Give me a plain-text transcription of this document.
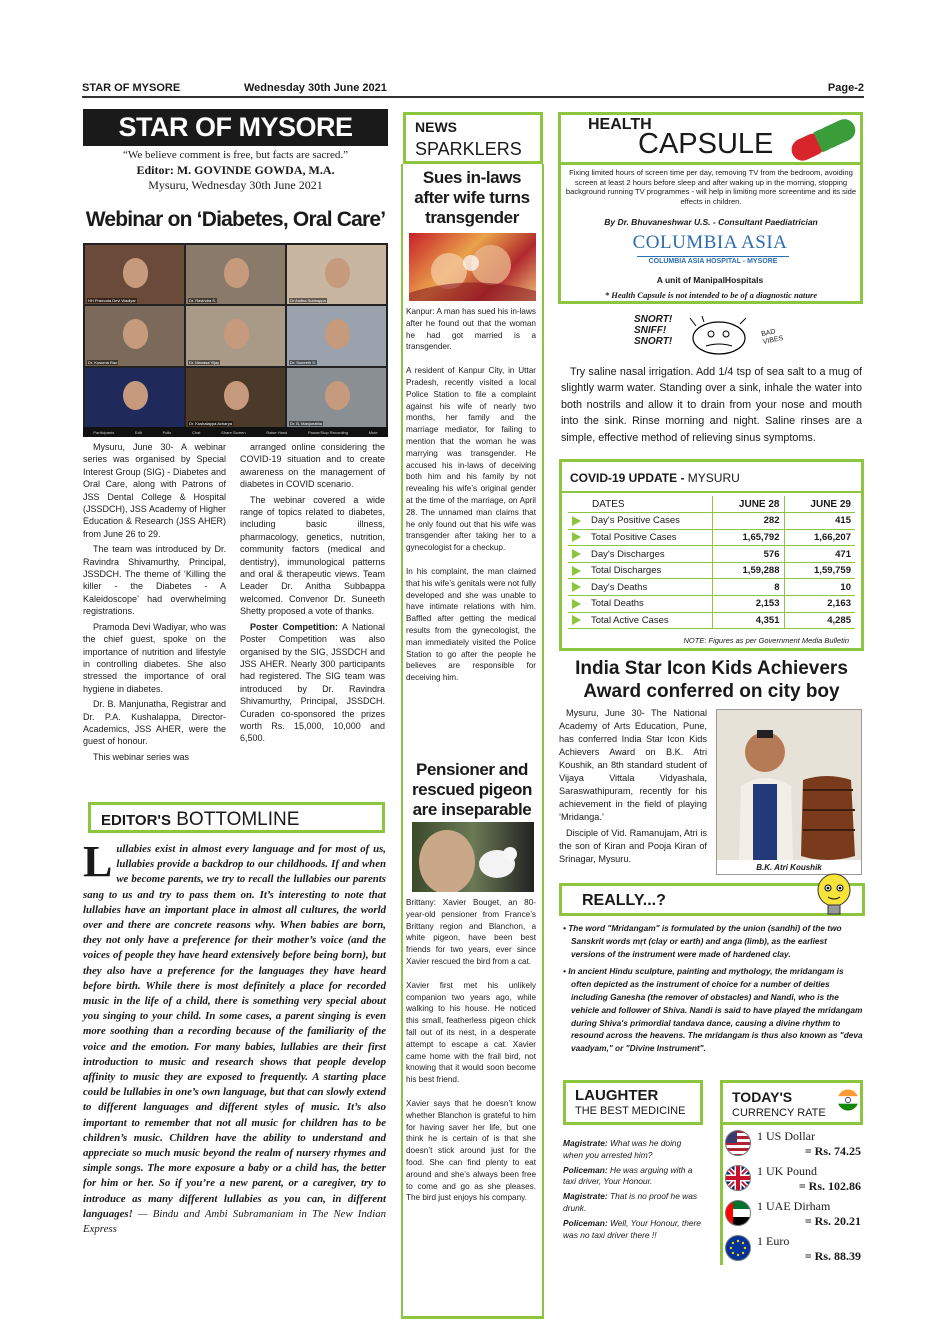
STAR OF MYSORE	Wednesday 30th June 2021	Page-2
STAR OF MYSORE
“We believe comment is free, but facts are sacred.”
Editor: M. GOVINDE GOWDA, M.A.
Mysuru, Wednesday 30th June 2021
Webinar on ‘Diabetes, Oral Care’
HH Pramoda Devi Wadiyar	Dr. Ravindra S.	Dr Anitha Subbappa
Dr. Kusuma Rao	Dr. Manasa Vijay	Dr. Suneeth S.
Dr. Kushalappa Acharya	Dr. B. Manjunatha
Participants	Edit	Polls	Chat	Share Screen	Raise Hand	Pause/Stop Recording	Mute

Mysuru, June 30- A webinar series was organised by Special Interest Group (SIG) - Diabetes and Oral Care, along with Patrons of JSS Dental College & Hospital (JSSDCH), JSS Academy of Higher Education & Research (JSS AHER) from June 26 to 29.

The team was introduced by Dr. Ravindra Shivamurthy, Principal, JSSDCH. The theme of ‘Killing the killer - the Diabetes - A Kaleidoscope’ had overwhelming registrations.

Pramoda Devi Wadiyar, who was the chief guest, spoke on the importance of nutrition and lifestyle in controlling diabetes. She also stressed the importance of oral hygiene in diabetes.

Dr. B. Manjunatha, Registrar and Dr. P.A. Kushalappa, Director-Academics, JSS AHER, were the guest of honour.

This webinar series was

arranged online considering the COVID-19 situation and to create awareness on the management of diabetes in COVID scenario.

The webinar covered a wide range of topics related to diabetes, including basic illness, pharmacology, genetics, nutrition, community factors (medical and dentistry), immunological patterns and oral & therapeutic views. Team Leader Dr. Anitha Subbappa welcomed. Convenor Dr. Suneeth Shetty proposed a vote of thanks.

Poster Competition: A National Poster Competition was also organised by the SIG, JSSDCH and JSS AHER. Nearly 300 participants had registered. The SIG team was introduced by Dr. Ravindra Shivamurthy, Principal, JSSDCH. Curaden co-sponsored the prizes worth Rs. 15,000, 10,000 and 6,500.

EDITOR'S BOTTOMLINE
Lullabies exist in almost every language and for most of us, lullabies provide a backdrop to our childhoods. If and when we become parents, we try to recall the lullabies our parents sang to us and try to pass them on. It’s interesting to note that lullabies have an important place in almost all cultures, the world over and there are concrete reasons why. When babies are born, they not only have a preference for their mother’s voice (and the voices of people they have heard extensively before being born), but they also have a preference for the languages they have heard before birth. While there is most definitely a place for recorded music in the life of a child, there is something very special about you singing to your child. In some cases, a parent singing is even more soothing than a recording because of the familiarity of the voice and the emotion. For many babies, lullabies are their first introduction to music and research shows that people develop affinity to music they are exposed to frequently. A starting place could be lullabies in one’s own language, but that can slowly extend to different languages and different styles of music. It’s also important to remember that not all music for children has to be children’s music. Children have the ability to understand and appreciate so much music beyond the realm of nursery rhymes and simple songs. The more exposure a baby or a child has, the better for him or her. So if you’re a new parent, or a caregiver, try to introduce as many different lullabies as you can, in different languages! — Bindu and Ambi Subramaniam in The New Indian Express
NEWS
SPARKLERS
Sues in-laws after wife turns transgender

Kanpur: A man has sued his in-laws after he found out that the woman he had got married is a transgender.

A resident of Kanpur City, in Uttar Pradesh, recently visited a local Police Station to file a complaint against his wife of nearly two months, her family and the marriage mediator, for failing to mention that the woman he was marrying was transgender. He accused his in-laws of deceiving both him and his family by not revealing his wife’s original gender at the time of the marriage, on April 28. The unnamed man claims that he only found out that his wife was transgender after taking her to a gynecologist for a checkup.

In his complaint, the man claimed that his wife’s genitals were not fully developed and she was unable to have intimate relations with him. Baffled after getting the medical results from the gynecologist, the man immediately visited the Police Station to go after the people he believes are responsible for deceiving him.

Pensioner and rescued pigeon are inseparable

Brittany: Xavier Bouget, an 80-year-old pensioner from France’s Brittany region and Blanchon, a white pigeon, have been best friends for two years, ever since Xavier rescued the bird from a cat.

Xavier first met his unlikely companion two years ago, while walking to his house. He noticed this small, featherless pigeon chick fall out of its nest, in a desperate attempt to escape a cat. Xavier came home with the frail bird, not knowing that it would soon become his best friend.

Xavier says that he doesn’t know whether Blanchon is grateful to him for having saver her life, but one think he is certain of is that she doesn’t stick around just for the food. She can find plenty to eat around and she’s always been free to come and go as she pleases. The bird just enjoys his company.

HEALTH
CAPSULE
Fixing limited hours of screen time per day, removing TV from the bedroom, avoiding screen at least 2 hours before sleep and after waking up in the morning, stopping background running TV programmes - will help in limiting more screentime and its side effects in children.
By Dr. Bhuvaneshwar U.S. - Consultant Paediatrician
COLUMBIA ASIA
COLUMBIA ASIA HOSPITAL - MYSORE
A unit of ManipalHospitals
* Health Capsule is not intended to be of a diagnostic nature
SNORT!
SNIFF!
SNORT!
BAD VIBES
Try saline nasal irrigation. Add 1/4 tsp of sea salt to a mug of slightly warm water. Standing over a sink, inhale the water into both nostrils and allow it to drain from your nose and mouth into the sink. Rinse morning and night. Saline rinses are a simple, effective method of relieving sinus symptoms.
COVID-19 UPDATE - MYSURU
DATES	JUNE 28	JUNE 29
Day's Positive Cases	282	415
Total Positive Cases	1,65,792	1,66,207
Day's Discharges	576	471
Total Discharges	1,59,288	1,59,759
Day's Deaths	8	10
Total Deaths	2,153	2,163
Total Active Cases	4,351	4,285
NOTE: Figures as per Government Media Bulletin
India Star Icon Kids Achievers Award conferred on city boy

Mysuru, June 30- The National Academy of Arts Education, Pune, has conferred India Star Icon Kids Achievers Award on B.K. Atri Koushik, an 8th standard student of Vijaya Vittala Vidyashala, Saraswathipuram, recently for his achievement in the field of playing ‘Mridanga.’

Disciple of Vid. Ramanujam, Atri is the son of Kiran and Pooja Kiran of Srinagar, Mysuru.

B.K. Atri Koushik
REALLY...?
• The word "Mridangam" is formulated by the union (sandhi) of the two Sanskrit words mṛt (clay or earth) and anga (limb), as the earliest versions of the instrument were made of hardened clay.
• In ancient Hindu sculpture, painting and mythology, the mridangam is often depicted as the instrument of choice for a number of deities including Ganesha (the remover of obstacles) and Nandi, who is the vehicle and follower of Shiva. Nandi is said to have played the mridangam during Shiva's primordial tandava dance, causing a divine rhythm to resound across the heavens. The mridangam is thus also known as "deva vaadyam," or "Divine Instrument".
LAUGHTER
THE BEST MEDICINE

Magistrate: What was he doing when you arrested him?

Policeman: He was arguing with a taxi driver, Your Honour.

Magistrate: That is no proof he was drunk.

Policeman: Well, Your Honour, there was no taxi driver there !!

TODAY'S
CURRENCY RATE
1 US Dollar
= Rs. 74.25
1 UK Pound
= Rs. 102.86
1 UAE Dirham
= Rs. 20.21
1 Euro
= Rs. 88.39
